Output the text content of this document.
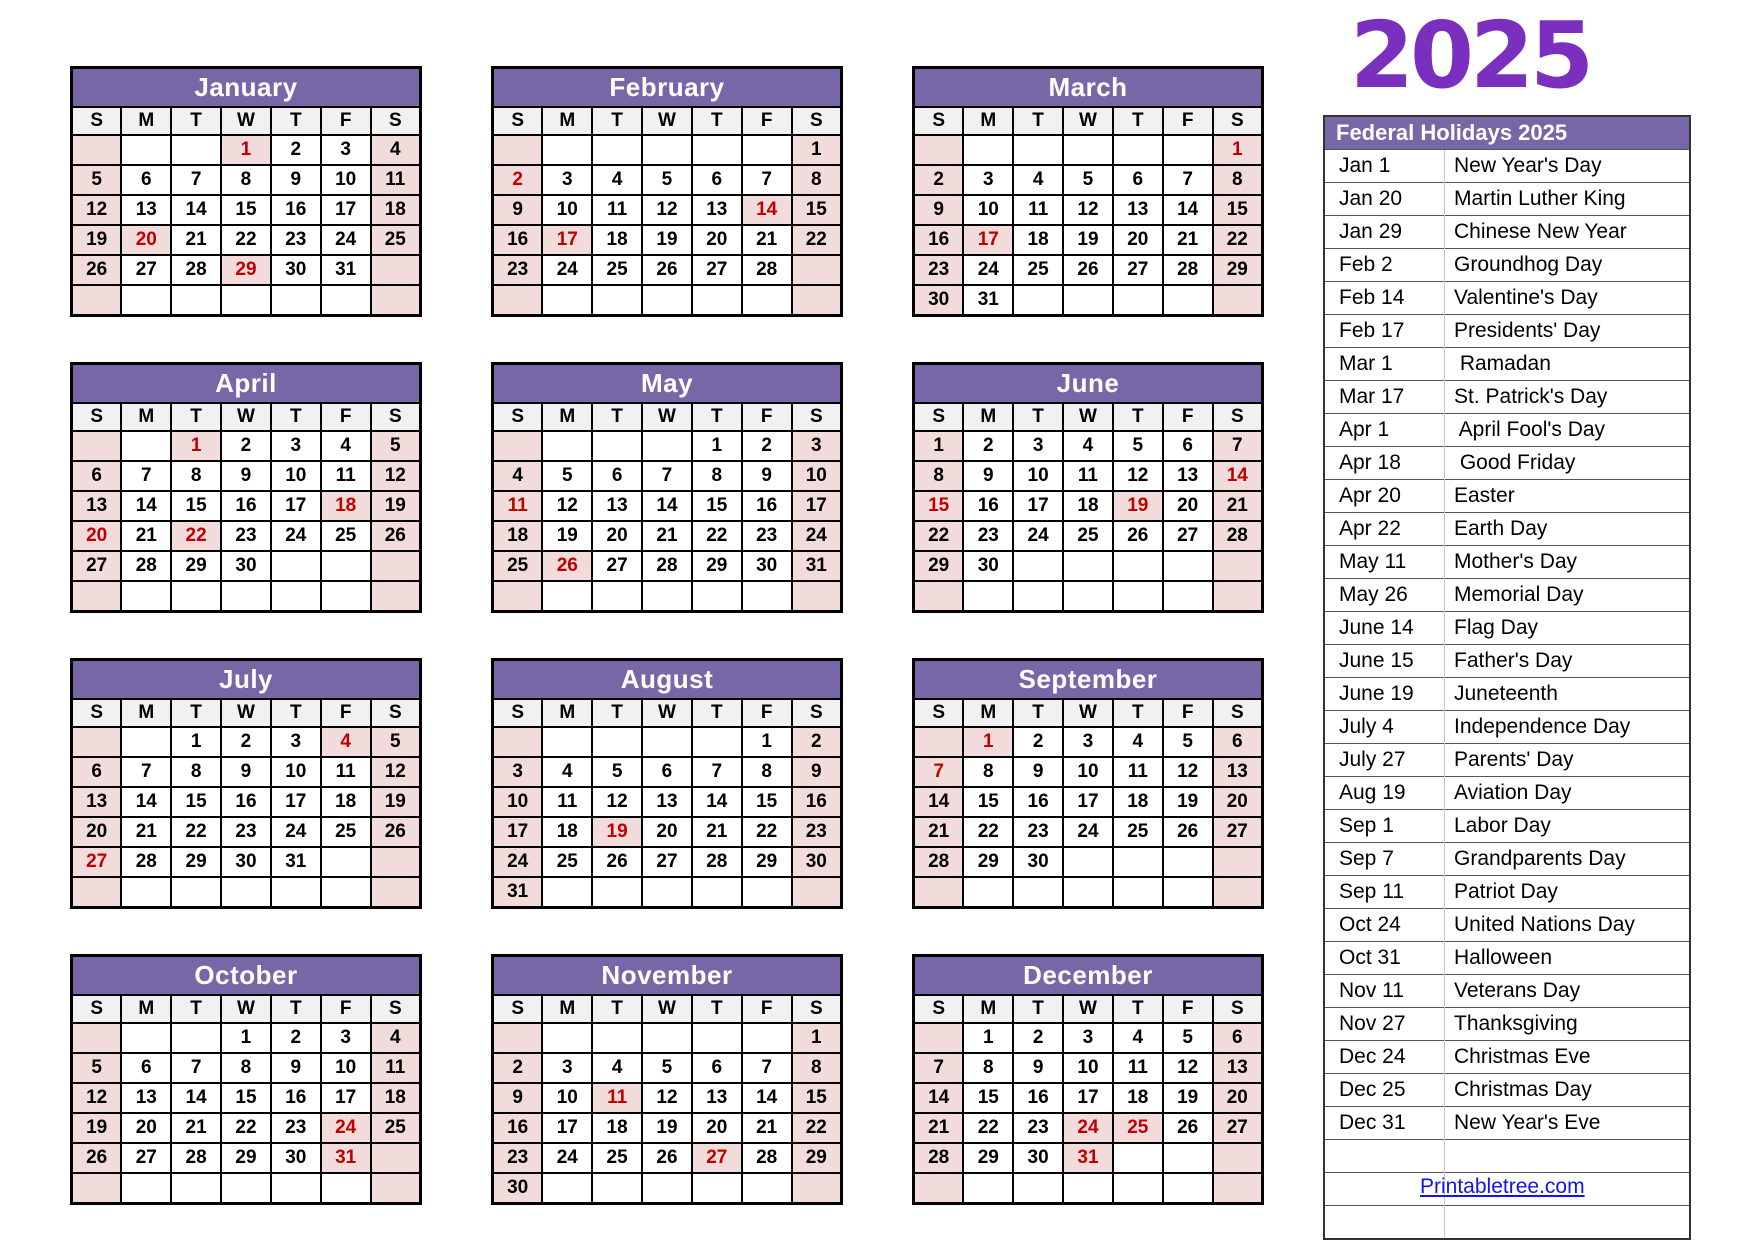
January						
S	M	T	W	T	F	S
			1	2	3	4
5	6	7	8	9	10	11
12	13	14	15	16	17	18
19	20	21	22	23	24	25
26	27	28	29	30	31	

February						
S	M	T	W	T	F	S
						1
2	3	4	5	6	7	8
9	10	11	12	13	14	15
16	17	18	19	20	21	22
23	24	25	26	27	28	

March						
S	M	T	W	T	F	S
						1
2	3	4	5	6	7	8
9	10	11	12	13	14	15
16	17	18	19	20	21	22
23	24	25	26	27	28	29
30	31					
April						
S	M	T	W	T	F	S
		1	2	3	4	5
6	7	8	9	10	11	12
13	14	15	16	17	18	19
20	21	22	23	24	25	26
27	28	29	30			

May						
S	M	T	W	T	F	S
				1	2	3
4	5	6	7	8	9	10
11	12	13	14	15	16	17
18	19	20	21	22	23	24
25	26	27	28	29	30	31

June						
S	M	T	W	T	F	S
1	2	3	4	5	6	7
8	9	10	11	12	13	14
15	16	17	18	19	20	21
22	23	24	25	26	27	28
29	30					

July						
S	M	T	W	T	F	S
		1	2	3	4	5
6	7	8	9	10	11	12
13	14	15	16	17	18	19
20	21	22	23	24	25	26
27	28	29	30	31		

August						
S	M	T	W	T	F	S
					1	2
3	4	5	6	7	8	9
10	11	12	13	14	15	16
17	18	19	20	21	22	23
24	25	26	27	28	29	30
31						
September						
S	M	T	W	T	F	S
	1	2	3	4	5	6
7	8	9	10	11	12	13
14	15	16	17	18	19	20
21	22	23	24	25	26	27
28	29	30				

October						
S	M	T	W	T	F	S
			1	2	3	4
5	6	7	8	9	10	11
12	13	14	15	16	17	18
19	20	21	22	23	24	25
26	27	28	29	30	31	

November						
S	M	T	W	T	F	S
						1
2	3	4	5	6	7	8
9	10	11	12	13	14	15
16	17	18	19	20	21	22
23	24	25	26	27	28	29
30						
December						
S	M	T	W	T	F	S
	1	2	3	4	5	6
7	8	9	10	11	12	13
14	15	16	17	18	19	20
21	22	23	24	25	26	27
28	29	30	31			

2025
Federal Holidays 2025	
Jan 1	New Year's Day
Jan 20	Martin Luther King
Jan 29	Chinese New Year
Feb 2	Groundhog Day
Feb 14	Valentine's Day
Feb 17	Presidents' Day
Mar 1	Ramadan
Mar 17	St. Patrick's Day
Apr 1	April Fool's Day
Apr 18	Good Friday
Apr 20	Easter
Apr 22	Earth Day
May 11	Mother's Day
May 26	Memorial Day
June 14	Flag Day
June 15	Father's Day
June 19	Juneteenth
July 4	Independence Day
July 27	Parents' Day
Aug 19	Aviation Day
Sep 1	Labor Day
Sep 7	Grandparents Day
Sep 11	Patriot Day
Oct 24	United Nations Day
Oct 31	Halloween
Nov 11	Veterans Day
Nov 27	Thanksgiving
Dec 24	Christmas Eve
Dec 25	Christmas Day
Dec 31	New Year's Eve

Printabletree.com
